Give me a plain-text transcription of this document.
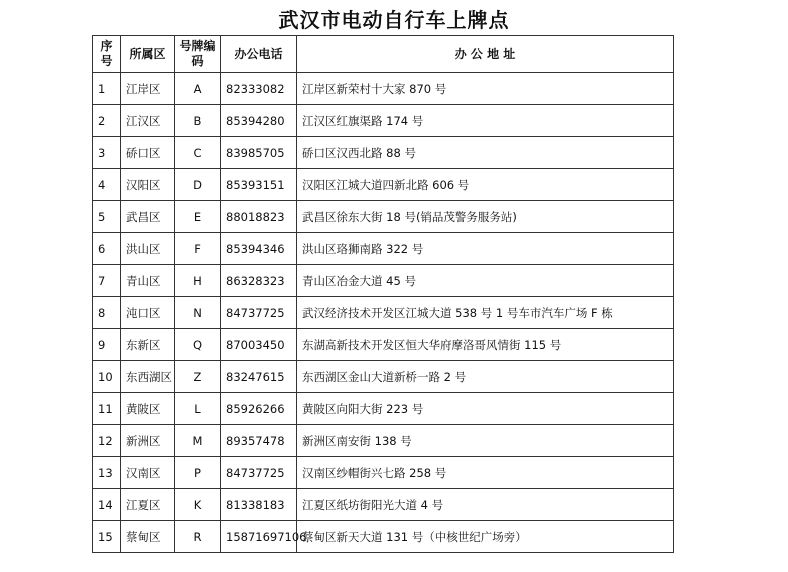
武汉市电动自行车上牌点
序号	所属区	号牌编码	办公电话	办 公 地 址
1	江岸区	A	82333082	江岸区新荣村十大家 870 号
2	江汉区	B	85394280	江汉区红旗渠路 174 号
3	硚口区	C	83985705	硚口区汉西北路 88 号
4	汉阳区	D	85393151	汉阳区江城大道四新北路 606 号
5	武昌区	E	88018823	武昌区徐东大街 18 号(销品茂警务服务站)
6	洪山区	F	85394346	洪山区珞狮南路 322 号
7	青山区	H	86328323	青山区冶金大道 45 号
8	沌口区	N	84737725	武汉经济技术开发区江城大道 538 号 1 号车市汽车广场 F 栋
9	东新区	Q	87003450	东湖高新技术开发区恒大华府摩洛哥风情街 115 号
10	东西湖区	Z	83247615	东西湖区金山大道新桥一路 2 号
11	黄陂区	L	85926266	黄陂区向阳大街 223 号
12	新洲区	M	89357478	新洲区南安街 138 号
13	汉南区	P	84737725	汉南区纱帽街兴七路 258 号
14	江夏区	K	81338183	江夏区纸坊街阳光大道 4 号
15	蔡甸区	R	15871697106	蔡甸区新天大道 131 号（中核世纪广场旁）
